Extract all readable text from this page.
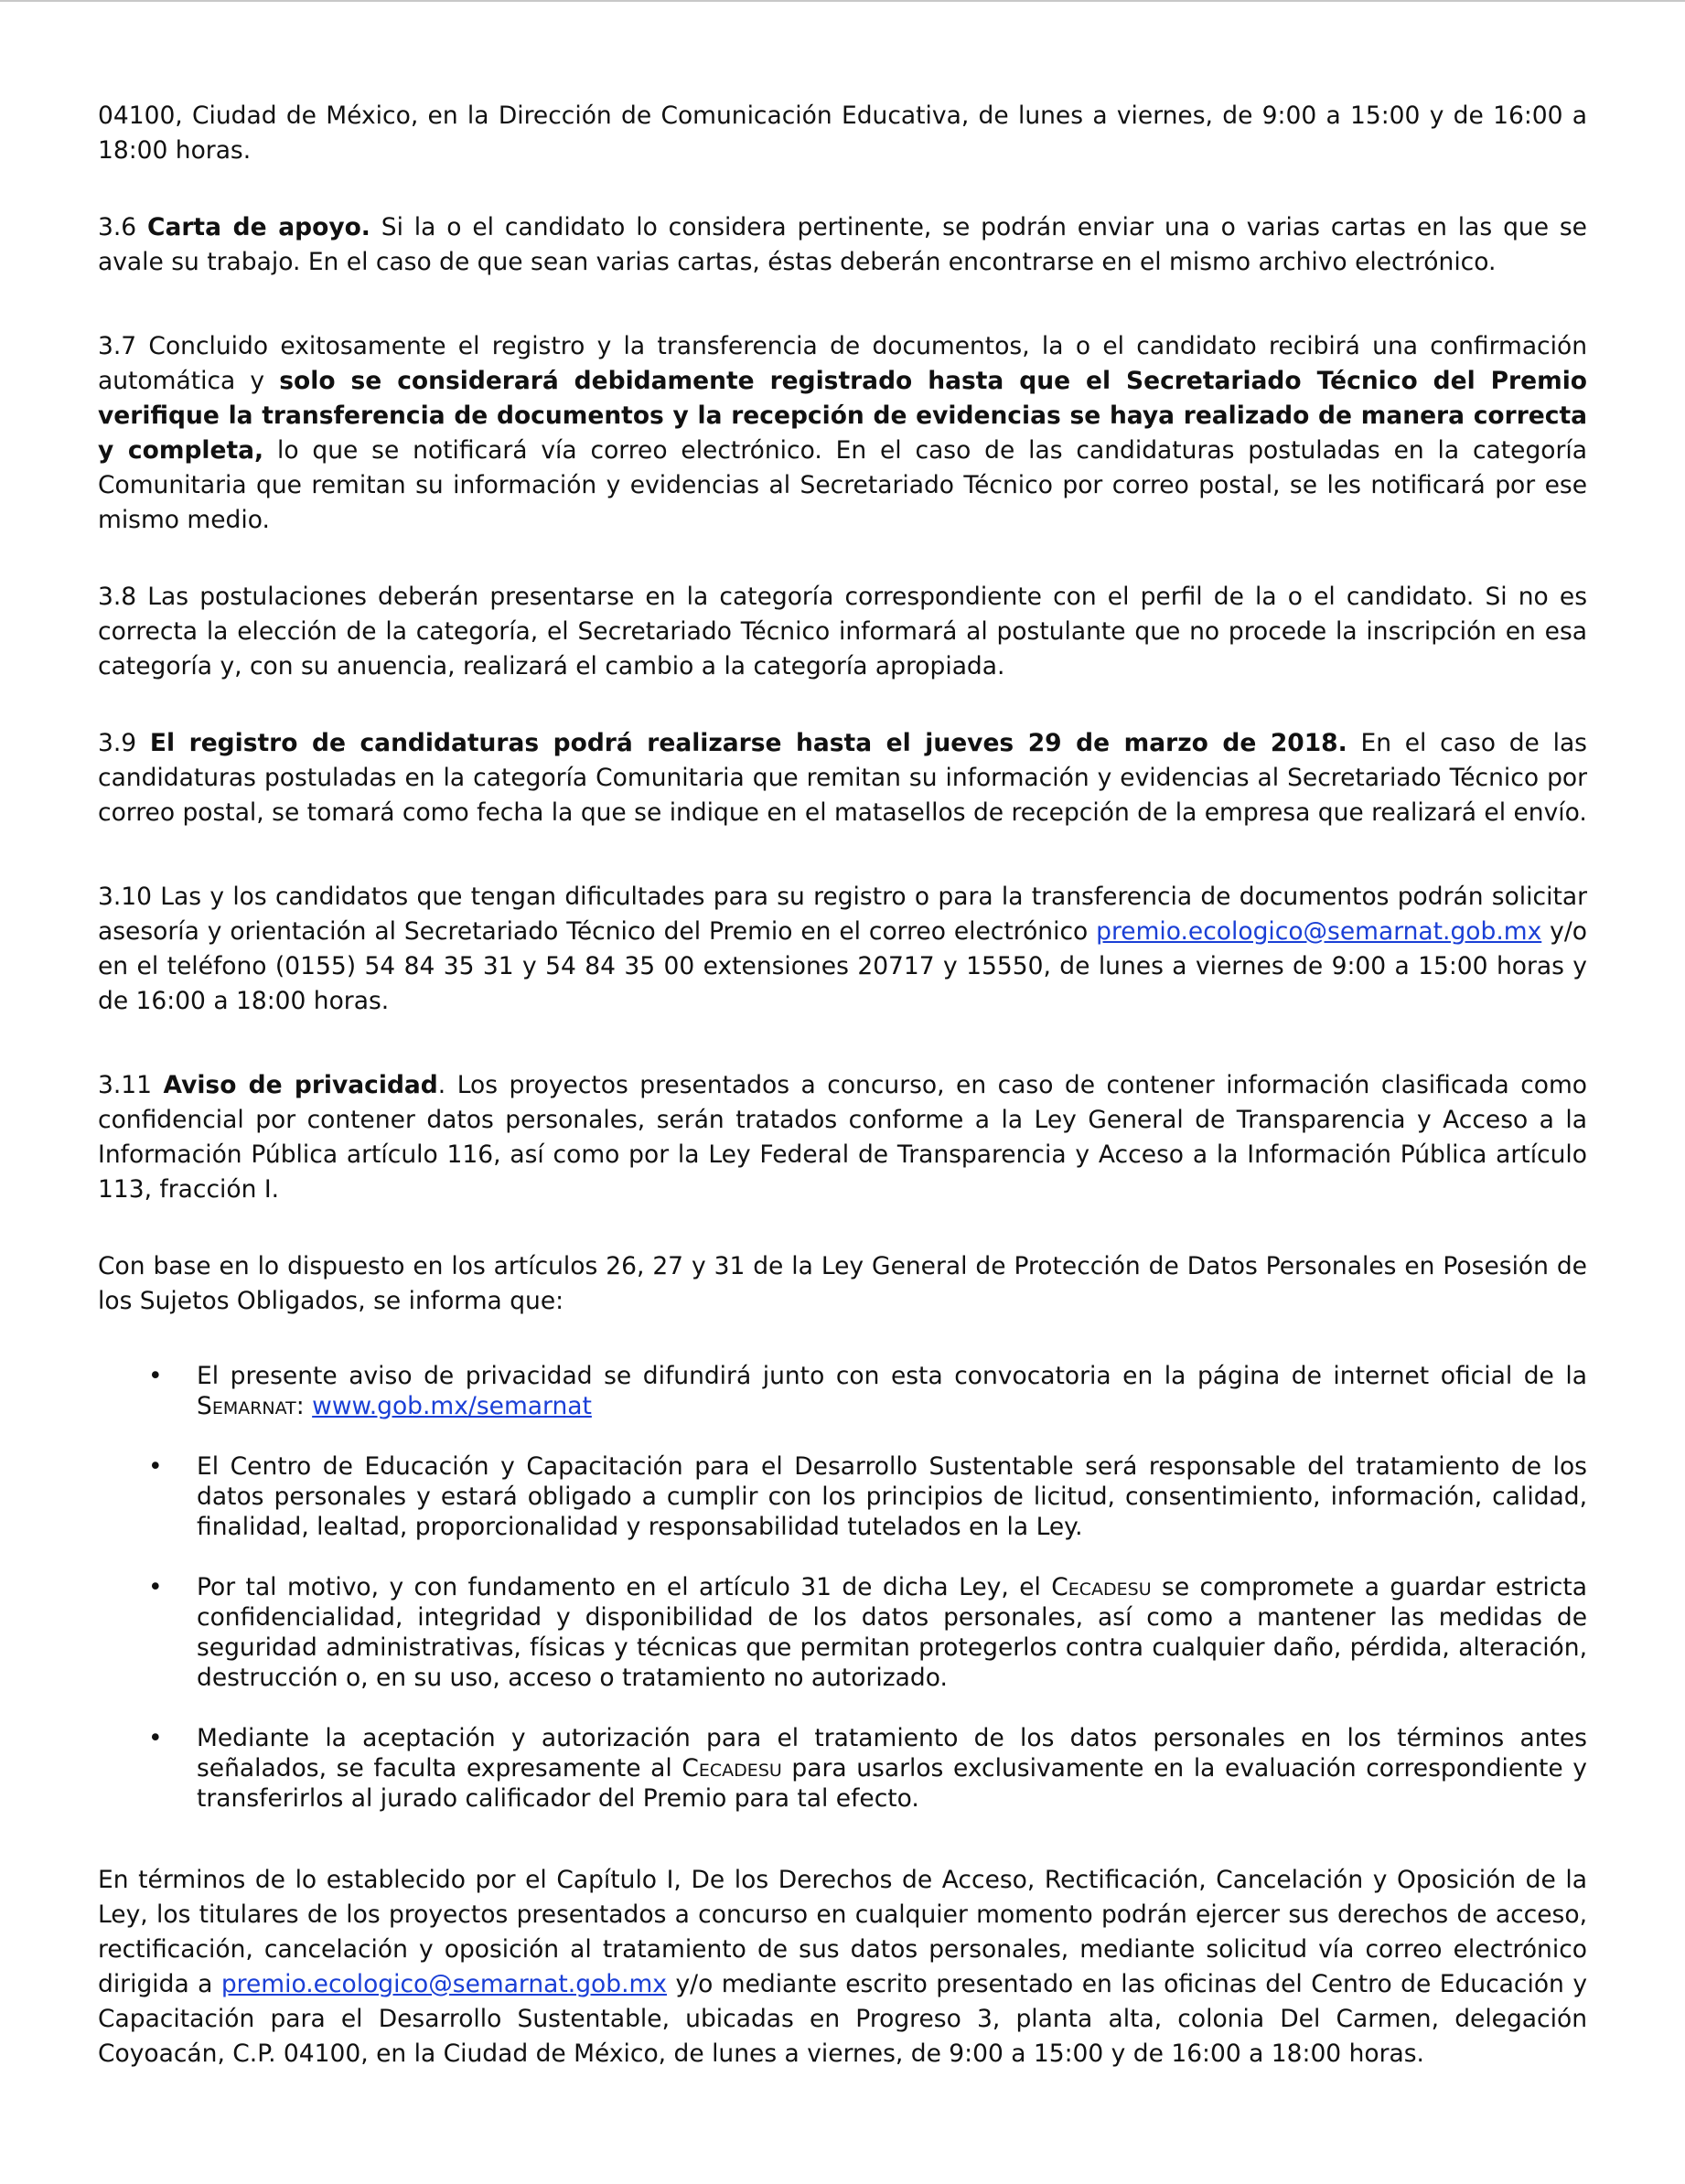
04100, Ciudad de México, en la Dirección de Comunicación Educativa, de lunes a viernes, de 9:00 a 15:00 y de 16:00 a 18:00 horas.

3.6 Carta de apoyo. Si la o el candidato lo considera pertinente, se podrán enviar una o varias cartas en las que se avale su trabajo. En el caso de que sean varias cartas, éstas deberán encontrarse en el mismo archivo electrónico.

3.7 Concluido exitosamente el registro y la transferencia de documentos, la o el candidato recibirá una confirmación automática y solo se considerará debidamente registrado hasta que el Secretariado Técnico del Premio verifique la transferencia de documentos y la recepción de evidencias se haya realizado de manera correcta y completa, lo que se notificará vía correo electrónico. En el caso de las candidaturas postuladas en la categoría Comunitaria que remitan su información y evidencias al Secretariado Técnico por correo postal, se les notificará por ese mismo medio.

3.8 Las postulaciones deberán presentarse en la categoría correspondiente con el perfil de la o el candidato. Si no es correcta la elección de la categoría, el Secretariado Técnico informará al postulante que no procede la inscripción en esa categoría y, con su anuencia, realizará el cambio a la categoría apropiada.

3.9 El registro de candidaturas podrá realizarse hasta el jueves 29 de marzo de 2018. En el caso de las candidaturas postuladas en la categoría Comunitaria que remitan su información y evidencias al Secretariado Técnico por correo postal, se tomará como fecha la que se indique en el matasellos de recepción de la empresa que realizará el envío.

3.10 Las y los candidatos que tengan dificultades para su registro o para la transferencia de documentos podrán solicitar asesoría y orientación al Secretariado Técnico del Premio en el correo electrónico premio.ecologico@semarnat.gob.mx y/o en el teléfono (0155) 54 84 35 31 y 54 84 35 00 extensiones 20717 y 15550, de lunes a viernes de 9:00 a 15:00 horas y de 16:00 a 18:00 horas.

3.11 Aviso de privacidad. Los proyectos presentados a concurso, en caso de contener información clasificada como confidencial por contener datos personales, serán tratados conforme a la Ley General de Transparencia y Acceso a la Información Pública artículo 116, así como por la Ley Federal de Transparencia y Acceso a la Información Pública artículo 113, fracción I.

Con base en lo dispuesto en los artículos 26, 27 y 31 de la Ley General de Protección de Datos Personales en Posesión de los Sujetos Obligados, se informa que:

• El presente aviso de privacidad se difundirá junto con esta convocatoria en la página de internet oficial de la Semarnat: www.gob.mx/semarnat
• El Centro de Educación y Capacitación para el Desarrollo Sustentable será responsable del tratamiento de los datos personales y estará obligado a cumplir con los principios de licitud, consentimiento, información, calidad, finalidad, lealtad, proporcionalidad y responsabilidad tutelados en la Ley.
• Por tal motivo, y con fundamento en el artículo 31 de dicha Ley, el Cecadesu se compromete a guardar estricta confidencialidad, integridad y disponibilidad de los datos personales, así como a mantener las medidas de seguridad administrativas, físicas y técnicas que permitan protegerlos contra cualquier daño, pérdida, alteración, destrucción o, en su uso, acceso o tratamiento no autorizado.
• Mediante la aceptación y autorización para el tratamiento de los datos personales en los términos antes señalados, se faculta expresamente al Cecadesu para usarlos exclusivamente en la evaluación correspondiente y transferirlos al jurado calificador del Premio para tal efecto.

En términos de lo establecido por el Capítulo I, De los Derechos de Acceso, Rectificación, Cancelación y Oposición de la Ley, los titulares de los proyectos presentados a concurso en cualquier momento podrán ejercer sus derechos de acceso, rectificación, cancelación y oposición al tratamiento de sus datos personales, mediante solicitud vía correo electrónico dirigida a premio.ecologico@semarnat.gob.mx y/o mediante escrito presentado en las oficinas del Centro de Educación y Capacitación para el Desarrollo Sustentable, ubicadas en Progreso 3, planta alta, colonia Del Carmen, delegación Coyoacán, C.P. 04100, en la Ciudad de México, de lunes a viernes, de 9:00 a 15:00 y de 16:00 a 18:00 horas.
